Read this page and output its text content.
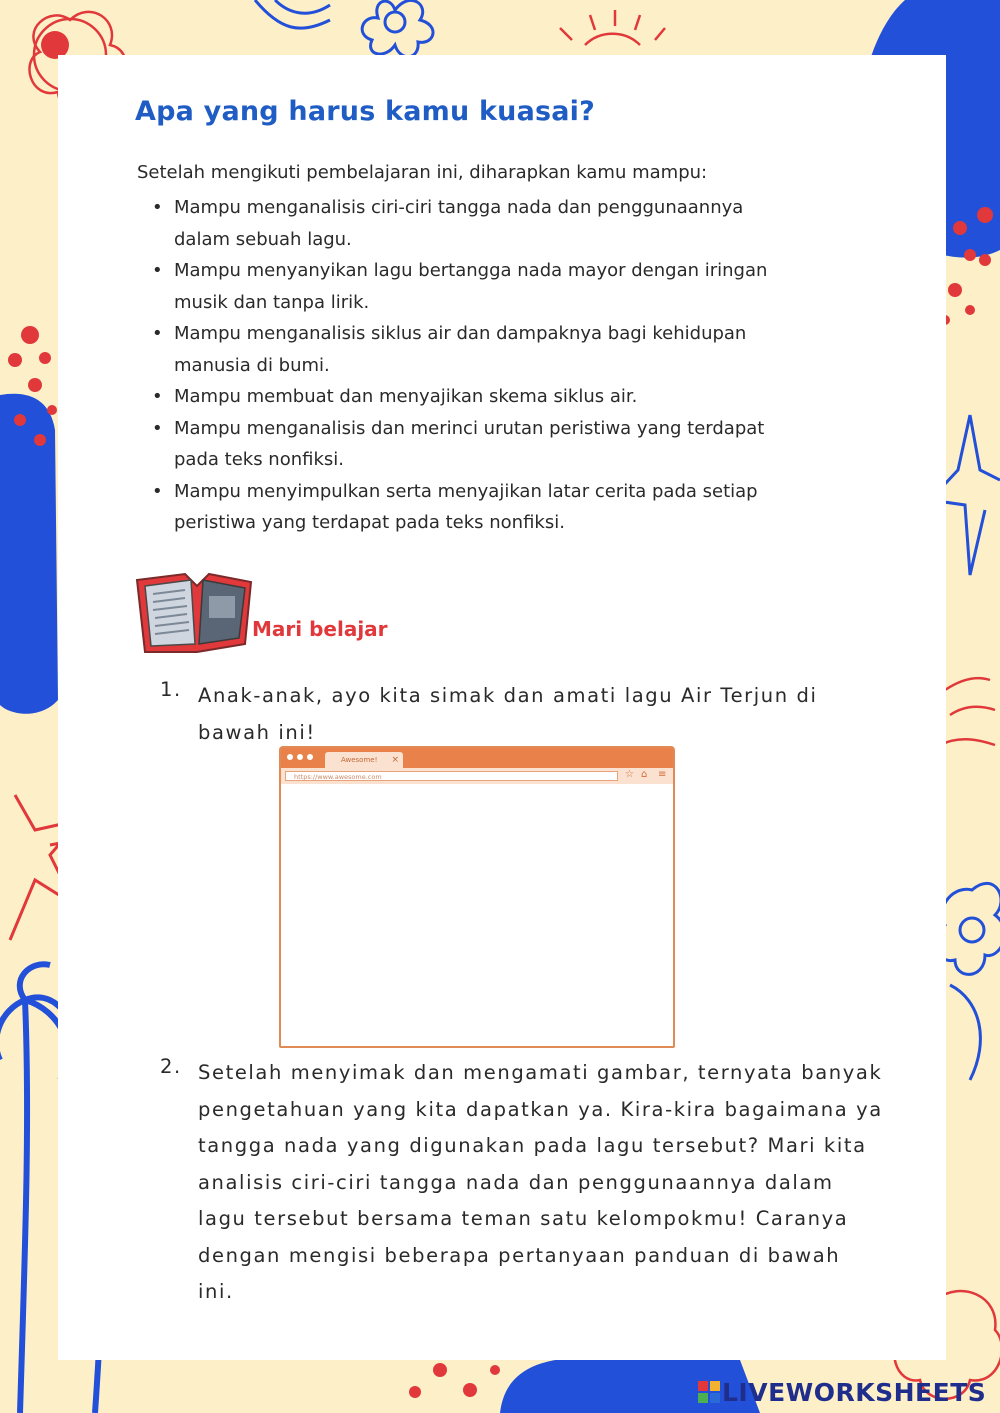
Apa yang harus kamu kuasai?
Setelah mengikuti pembelajaran ini, diharapkan kamu mampu:
• Mampu menganalisis ciri-ciri tangga nada dan penggunaannya dalam sebuah lagu.
• Mampu menyanyikan lagu bertangga nada mayor dengan iringan musik dan tanpa lirik.
• Mampu menganalisis siklus air dan dampaknya bagi kehidupan manusia di bumi.
• Mampu membuat dan menyajikan skema siklus air.
• Mampu menganalisis dan merinci urutan peristiwa yang terdapat pada teks nonfiksi.
• Mampu menyimpulkan serta menyajikan latar cerita pada setiap peristiwa yang terdapat pada teks nonfiksi.
Mari belajar
1. Anak-anak, ayo kita simak dan amati lagu Air Terjun di bawah ini!
Awesome! ×
https://www.awesome.com	☆ ⌂ ≡
2. Setelah menyimak dan mengamati gambar, ternyata banyak pengetahuan yang kita dapatkan ya. Kira-kira bagaimana ya tangga nada yang digunakan pada lagu tersebut? Mari kita analisis ciri-ciri tangga nada dan penggunaannya dalam lagu tersebut bersama teman satu kelompokmu! Caranya dengan mengisi beberapa pertanyaan panduan di bawah ini.
LIVEWORKSHEETS
